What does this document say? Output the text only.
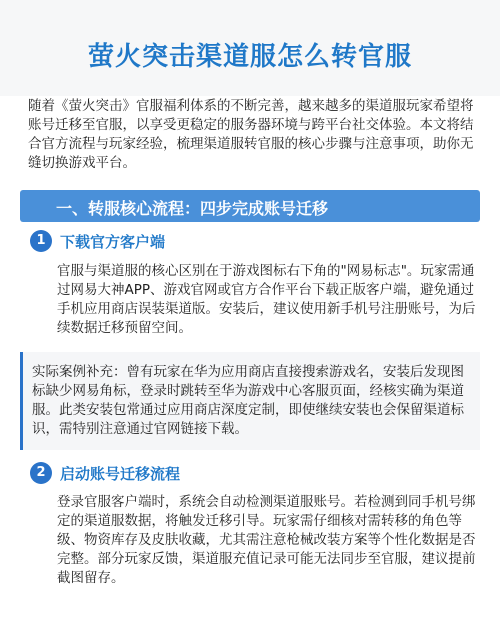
萤火突击渠道服怎么转官服

随着《萤火突击》官服福利体系的不断完善，越来越多的渠道服玩家希望将账号迁移至官服，以享受更稳定的服务器环境与跨平台社交体验。本文将结合官方流程与玩家经验，梳理渠道服转官服的核心步骤与注意事项，助你无缝切换游戏平台。

一、转服核心流程：四步完成账号迁移
1 下载官方客户端

官服与渠道服的核心区别在于游戏图标右下角的"网易标志"。玩家需通过网易大神APP、游戏官网或官方合作平台下载正版客户端，避免通过手机应用商店误装渠道版。安装后，建议使用新手机号注册账号，为后续数据迁移预留空间。

实际案例补充：曾有玩家在华为应用商店直接搜索游戏名，安装后发现图标缺少网易角标，登录时跳转至华为游戏中心客服页面，经核实确为渠道服。此类安装包常通过应用商店深度定制，即使继续安装也会保留渠道标识，需特别注意通过官网链接下载。

2 启动账号迁移流程

登录官服客户端时，系统会自动检测渠道服账号。若检测到同手机号绑定的渠道服数据，将触发迁移引导。玩家需仔细核对需转移的角色等级、物资库存及皮肤收藏，尤其需注意枪械改装方案等个性化数据是否完整。部分玩家反馈，渠道服充值记录可能无法同步至官服，建议提前截图留存。
